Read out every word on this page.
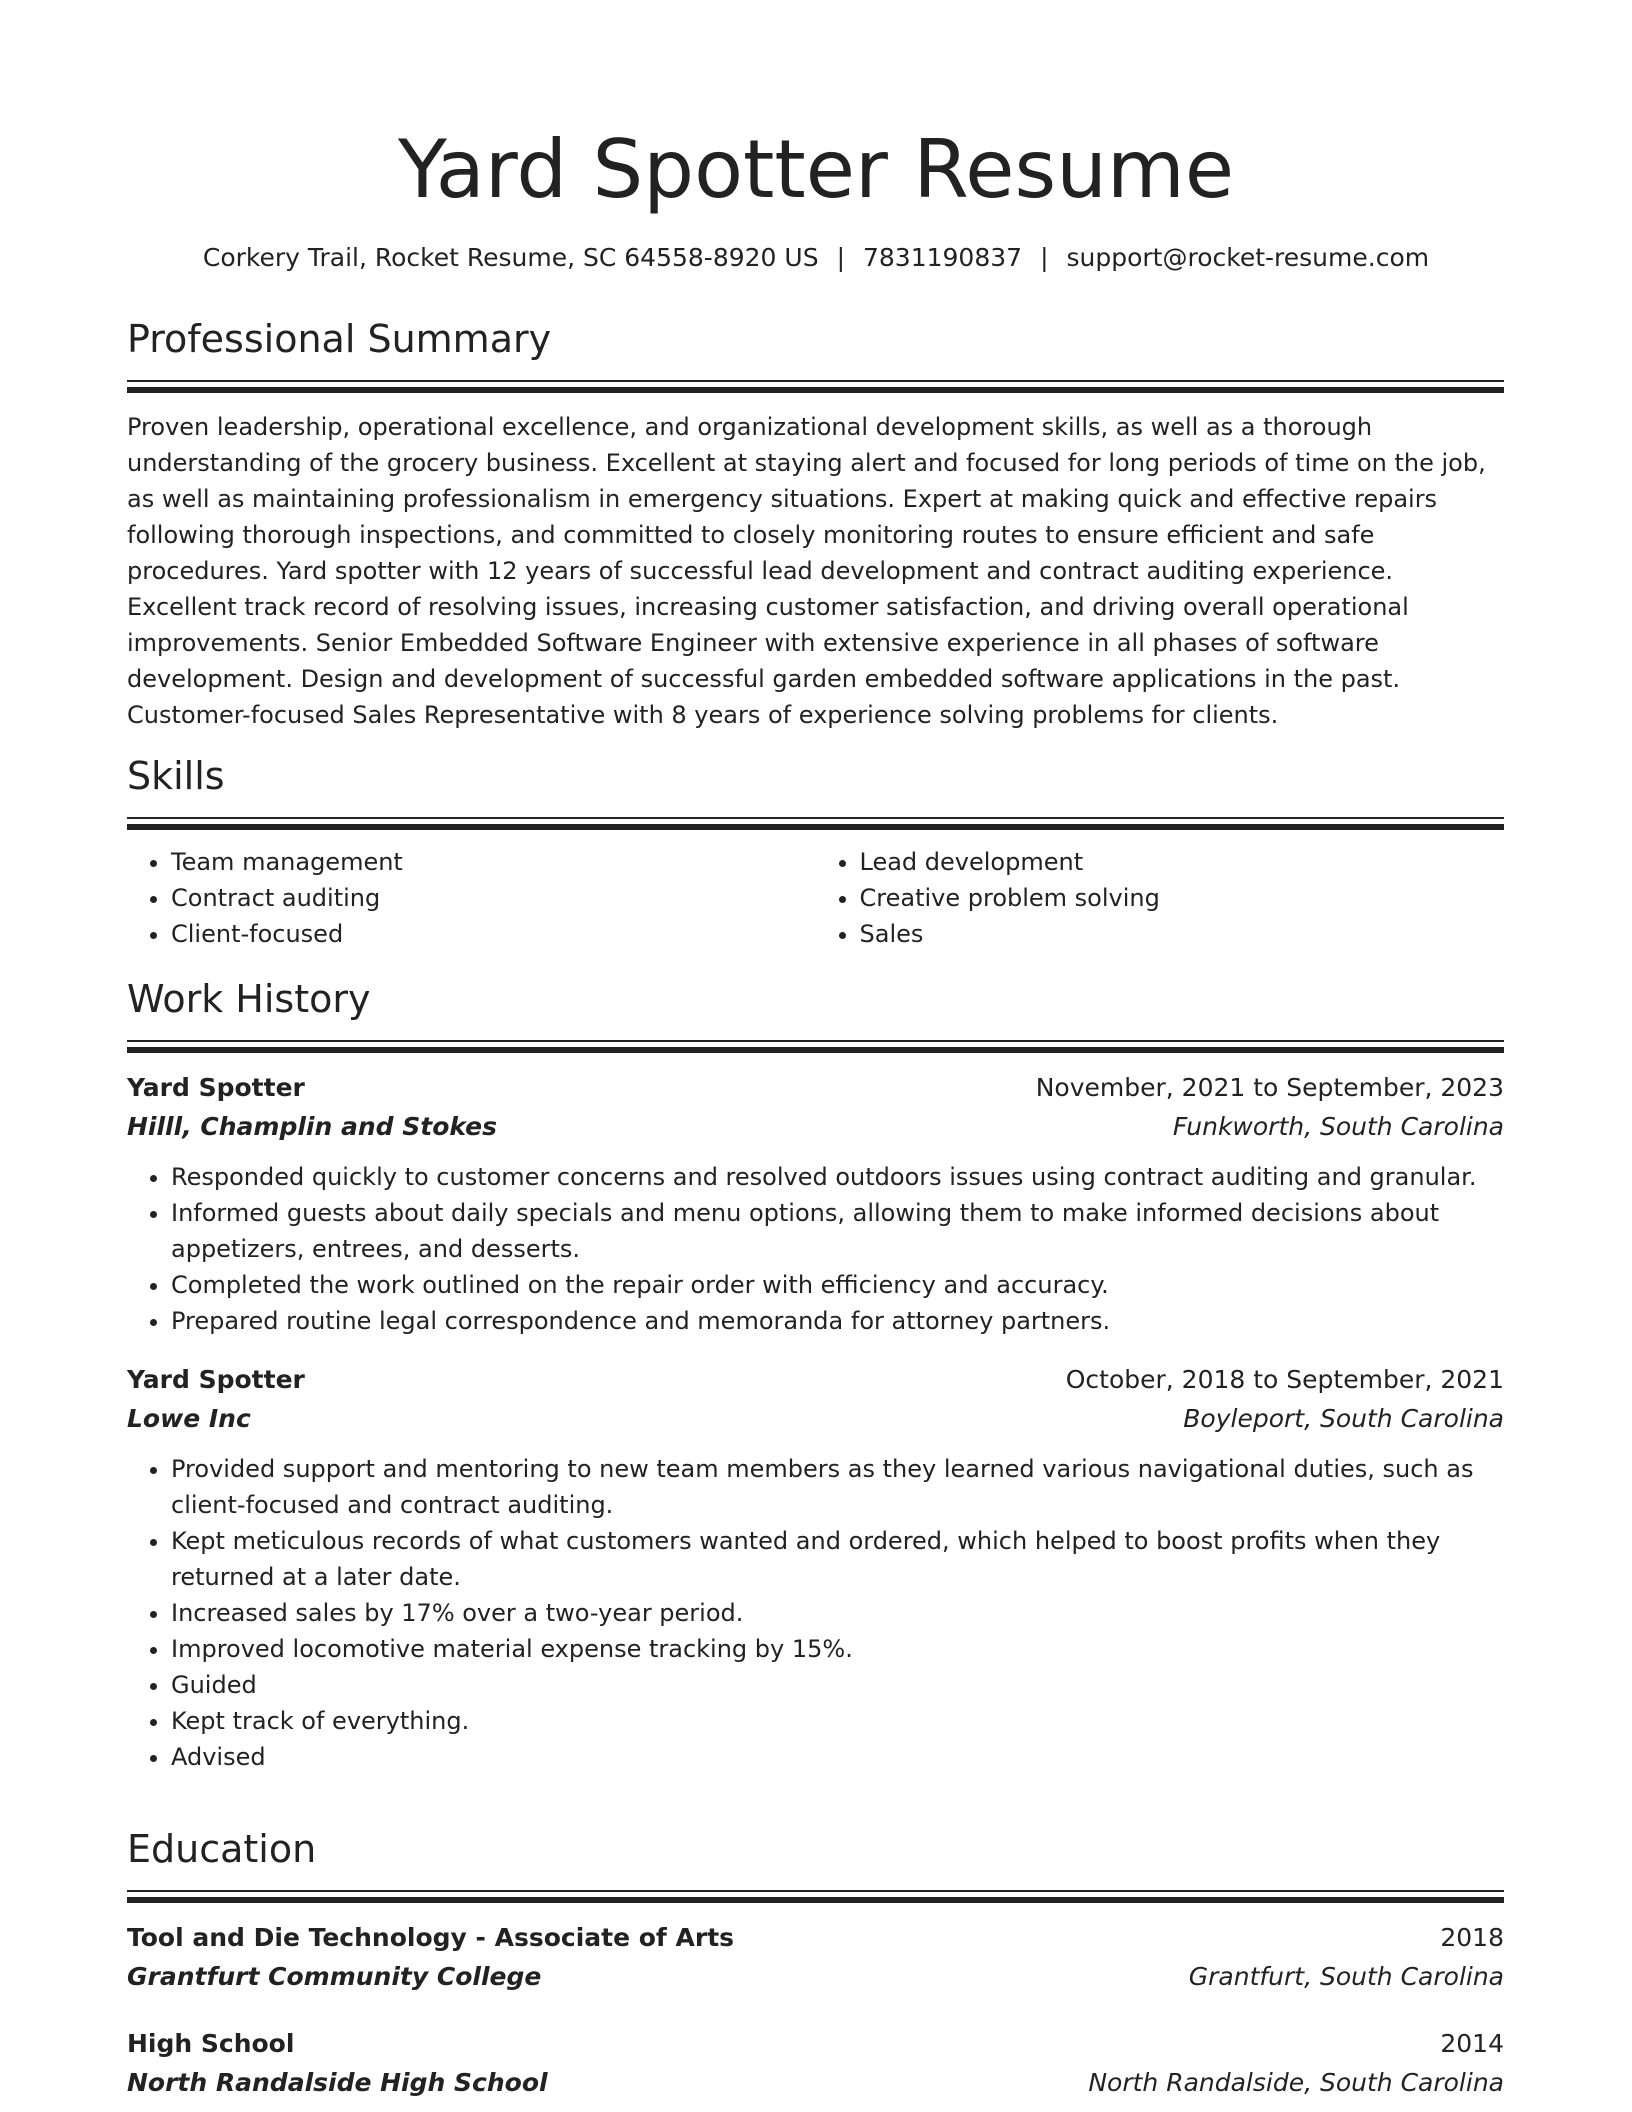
Yard Spotter Resume
Corkery Trail, Rocket Resume, SC 64558-8920 US | 7831190837 | support@rocket-resume.com
Professional Summary

Proven leadership, operational excellence, and organizational development skills, as well as a thorough understanding of the grocery business. Excellent at staying alert and focused for long periods of time on the job, as well as maintaining professionalism in emergency situations. Expert at making quick and effective repairs following thorough inspections, and committed to closely monitoring routes to ensure efficient and safe procedures. Yard spotter with 12 years of successful lead development and contract auditing experience. Excellent track record of resolving issues, increasing customer satisfaction, and driving overall operational improvements. Senior Embedded Software Engineer with extensive experience in all phases of software development. Design and development of successful garden embedded software applications in the past. Customer-focused Sales Representative with 8 years of experience solving problems for clients.

Skills
• Team management
• Contract auditing
• Client-focused
• Lead development
• Creative problem solving
• Sales
Work History
Yard Spotter	November, 2021 to September, 2023
Hilll, Champlin and Stokes	Funkworth, South Carolina
• Responded quickly to customer concerns and resolved outdoors issues using contract auditing and granular.
• Informed guests about daily specials and menu options, allowing them to make informed decisions about appetizers, entrees, and desserts.
• Completed the work outlined on the repair order with efficiency and accuracy.
• Prepared routine legal correspondence and memoranda for attorney partners.
Yard Spotter	October, 2018 to September, 2021
Lowe Inc	Boyleport, South Carolina
• Provided support and mentoring to new team members as they learned various navigational duties, such as client-focused and contract auditing.
• Kept meticulous records of what customers wanted and ordered, which helped to boost profits when they returned at a later date.
• Increased sales by 17% over a two-year period.
• Improved locomotive material expense tracking by 15%.
• Guided
• Kept track of everything.
• Advised
Education
Tool and Die Technology - Associate of Arts	2018
Grantfurt Community College	Grantfurt, South Carolina
High School	2014
North Randalside High School	North Randalside, South Carolina
